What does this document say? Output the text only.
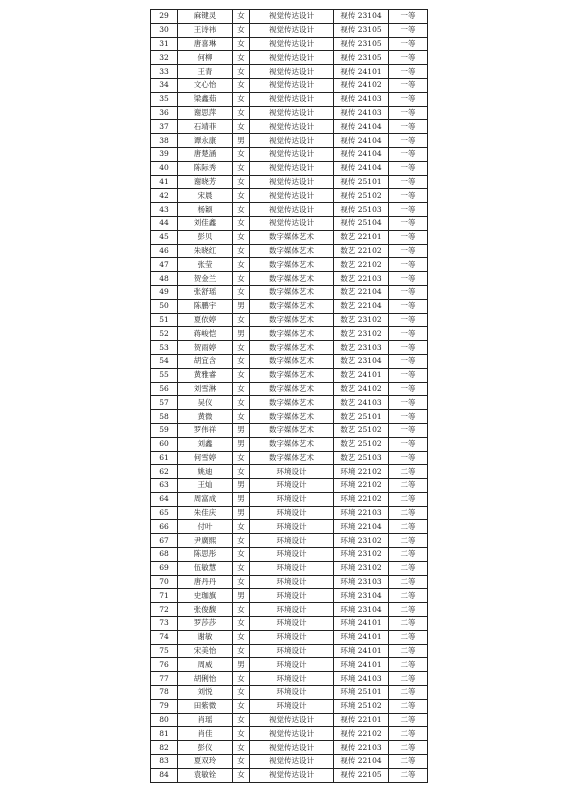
29	麻键灵	女	视觉传达设计	视传 23104	一等
30	王诗祎	女	视觉传达设计	视传 23105	一等
31	唐喜琳	女	视觉传达设计	视传 23105	一等
32	何柳	女	视觉传达设计	视传 23105	一等
33	王青	女	视觉传达设计	视传 24101	一等
34	文心怡	女	视觉传达设计	视传 24102	一等
35	梁鑫茹	女	视觉传达设计	视传 24103	一等
36	谢思萍	女	视觉传达设计	视传 24103	一等
37	石靖菲	女	视觉传达设计	视传 24104	一等
38	谭永康	男	视觉传达设计	视传 24104	一等
39	唐楚涵	女	视觉传达设计	视传 24104	一等
40	陈际秀	女	视觉传达设计	视传 24104	一等
41	谢晓芳	女	视觉传达设计	视传 25101	一等
42	宋晨	女	视觉传达设计	视传 25102	一等
43	杨颖	女	视觉传达设计	视传 25103	一等
44	刘佳鑫	女	视觉传达设计	视传 25104	一等
45	彭贝	女	数字媒体艺术	数艺 22101	一等
46	朱晓红	女	数字媒体艺术	数艺 22102	一等
47	张莹	女	数字媒体艺术	数艺 22102	一等
48	贺金兰	女	数字媒体艺术	数艺 22103	一等
49	张舒瑶	女	数字媒体艺术	数艺 22104	一等
50	陈鹏宇	男	数字媒体艺术	数艺 22104	一等
51	夏依婷	女	数字媒体艺术	数艺 23102	一等
52	蒋峻恺	男	数字媒体艺术	数艺 23102	一等
53	贺雨婷	女	数字媒体艺术	数艺 23103	一等
54	胡宜含	女	数字媒体艺术	数艺 23104	一等
55	黄雅睿	女	数字媒体艺术	数艺 24101	一等
56	刘雪淋	女	数字媒体艺术	数艺 24102	一等
57	吴仪	女	数字媒体艺术	数艺 24103	一等
58	黄微	女	数字媒体艺术	数艺 25101	一等
59	罗伟祥	男	数字媒体艺术	数艺 25102	一等
60	刘鑫	男	数字媒体艺术	数艺 25102	一等
61	何雪婷	女	数字媒体艺术	数艺 25103	一等
62	姚迪	女	环境设计	环境 22102	二等
63	王灿	男	环境设计	环境 22102	二等
64	周富成	男	环境设计	环境 22102	二等
65	朱佳庆	男	环境设计	环境 22103	二等
66	付叶	女	环境设计	环境 22104	二等
67	尹廣熙	女	环境设计	环境 23102	二等
68	陈思彤	女	环境设计	环境 23102	二等
69	伍敏慧	女	环境设计	环境 23102	二等
70	唐丹丹	女	环境设计	环境 23103	二等
71	史珈旗	男	环境设计	环境 23104	二等
72	张俊馥	女	环境设计	环境 23104	二等
73	罗莎莎	女	环境设计	环境 24101	二等
74	谢敏	女	环境设计	环境 24101	二等
75	宋美怡	女	环境设计	环境 24101	二等
76	周威	男	环境设计	环境 24101	二等
77	胡俐怡	女	环境设计	环境 24103	二等
78	刘悦	女	环境设计	环境 25101	二等
79	田紫微	女	环境设计	环境 25102	二等
80	肖瑶	女	视觉传达设计	视传 22101	二等
81	肖佳	女	视觉传达设计	视传 22102	二等
82	彭仪	女	视觉传达设计	视传 22103	二等
83	夏双玲	女	视觉传达设计	视传 22104	二等
84	袁敏铨	女	视觉传达设计	视传 22105	二等
